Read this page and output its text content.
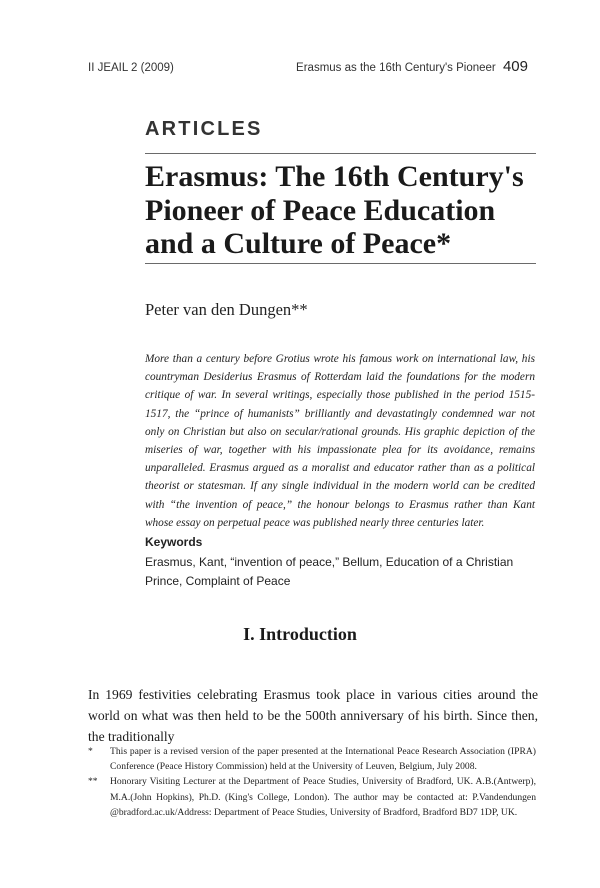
II JEAIL 2 (2009)	Erasmus as the 16th Century's Pioneer 409
ARTICLES
Erasmus: The 16th Century's Pioneer of Peace Education and a Culture of Peace*
Peter van den Dungen**
More than a century before Grotius wrote his famous work on international law, his countryman Desiderius Erasmus of Rotterdam laid the foundations for the modern critique of war. In several writings, especially those published in the period 1515-1517, the “prince of humanists” brilliantly and devastatingly condemned war not only on Christian but also on secular/rational grounds. His graphic depiction of the miseries of war, together with his impassionate plea for its avoidance, remains unparalleled. Erasmus argued as a moralist and educator rather than as a political theorist or statesman. If any single individual in the modern world can be credited with “the invention of peace,” the honour belongs to Erasmus rather than Kant whose essay on perpetual peace was published nearly three centuries later.
Keywords
Erasmus, Kant, “invention of peace,” Bellum, Education of a Christian Prince, Complaint of Peace
I. Introduction
In 1969 festivities celebrating Erasmus took place in various cities around the world on what was then held to be the 500th anniversary of his birth. Since then, the traditionally
* This paper is a revised version of the paper presented at the International Peace Research Association (IPRA) Conference (Peace History Commission) held at the University of Leuven, Belgium, July 2008.
** Honorary Visiting Lecturer at the Department of Peace Studies, University of Bradford, UK. A.B.(Antwerp), M.A.(John Hopkins), Ph.D. (King's College, London). The author may be contacted at: P.Vandendungen @bradford.ac.uk/Address: Department of Peace Studies, University of Bradford, Bradford BD7 1DP, UK.
